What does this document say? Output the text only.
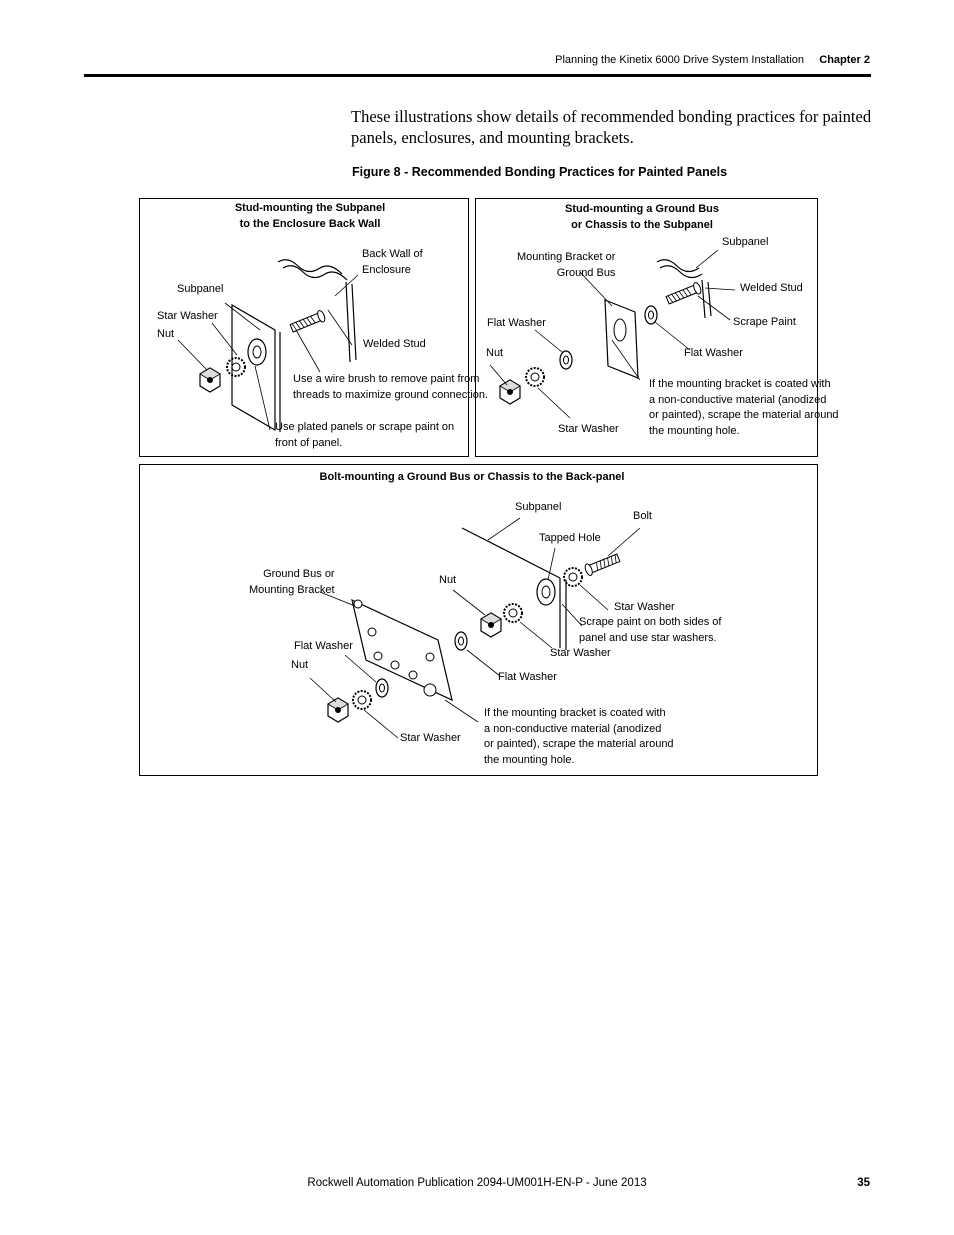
Planning the Kinetix 6000 Drive System Installation Chapter 2
These illustrations show details of recommended bonding practices for painted panels, enclosures, and mounting brackets.
Figure 8 - Recommended Bonding Practices for Painted Panels
Stud-mounting the Subpanel
to the Enclosure Back Wall
Back Wall of
Enclosure
Subpanel
Star Washer
Nut
Welded Stud
Use a wire brush to remove paint from
threads to maximize ground connection.
Use plated panels or scrape paint on
front of panel.
Stud-mounting a Ground Bus
or Chassis to the Subpanel
Subpanel
Mounting Bracket or
Ground Bus
Welded Stud
Flat Washer	Scrape Paint
Nut	Flat Washer
If the mounting bracket is coated with
a non-conductive material (anodized
or painted), scrape the material around
the mounting hole.
Star Washer
Bolt-mounting a Ground Bus or Chassis to the Back-panel
Subpanel
Bolt
Tapped Hole
Ground Bus or
Mounting Bracket
Nut
Star Washer
Scrape paint on both sides of
panel and use star washers.
Flat Washer
Star Washer
Nut
Flat Washer
If the mounting bracket is coated with
a non-conductive material (anodized
or painted), scrape the material around
the mounting hole.
Star Washer
Rockwell Automation Publication 2094-UM001H-EN-P - June 2013	35
